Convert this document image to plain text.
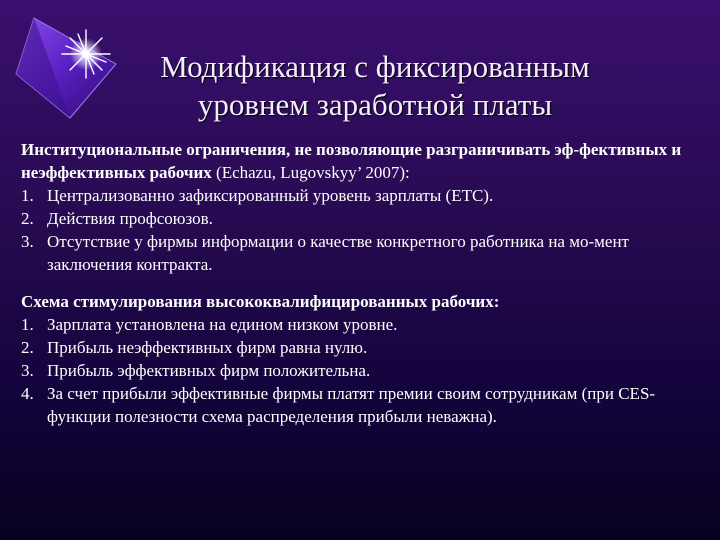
Модификация с фиксированным
уровнем заработной платы
Институциональные ограничения, не позволяющие разграничивать эф-фективных и неэффективных рабочих (Echazu, Lugovskyy’ 2007):
1. Централизованно зафиксированный уровень зарплаты (ETC).
2. Действия профсоюзов.
3. Отсутствие у фирмы информации о качестве конкретного работника на мо-мент заключения контракта.
Схема стимулирования высококвалифицированных рабочих:
1. Зарплата установлена на едином низком уровне.
2. Прибыль неэффективных фирм равна нулю.
3. Прибыль эффективных фирм положительна.
4. За счет прибыли эффективные фирмы платят премии своим сотрудникам (при CES-функции полезности схема распределения прибыли неважна).
